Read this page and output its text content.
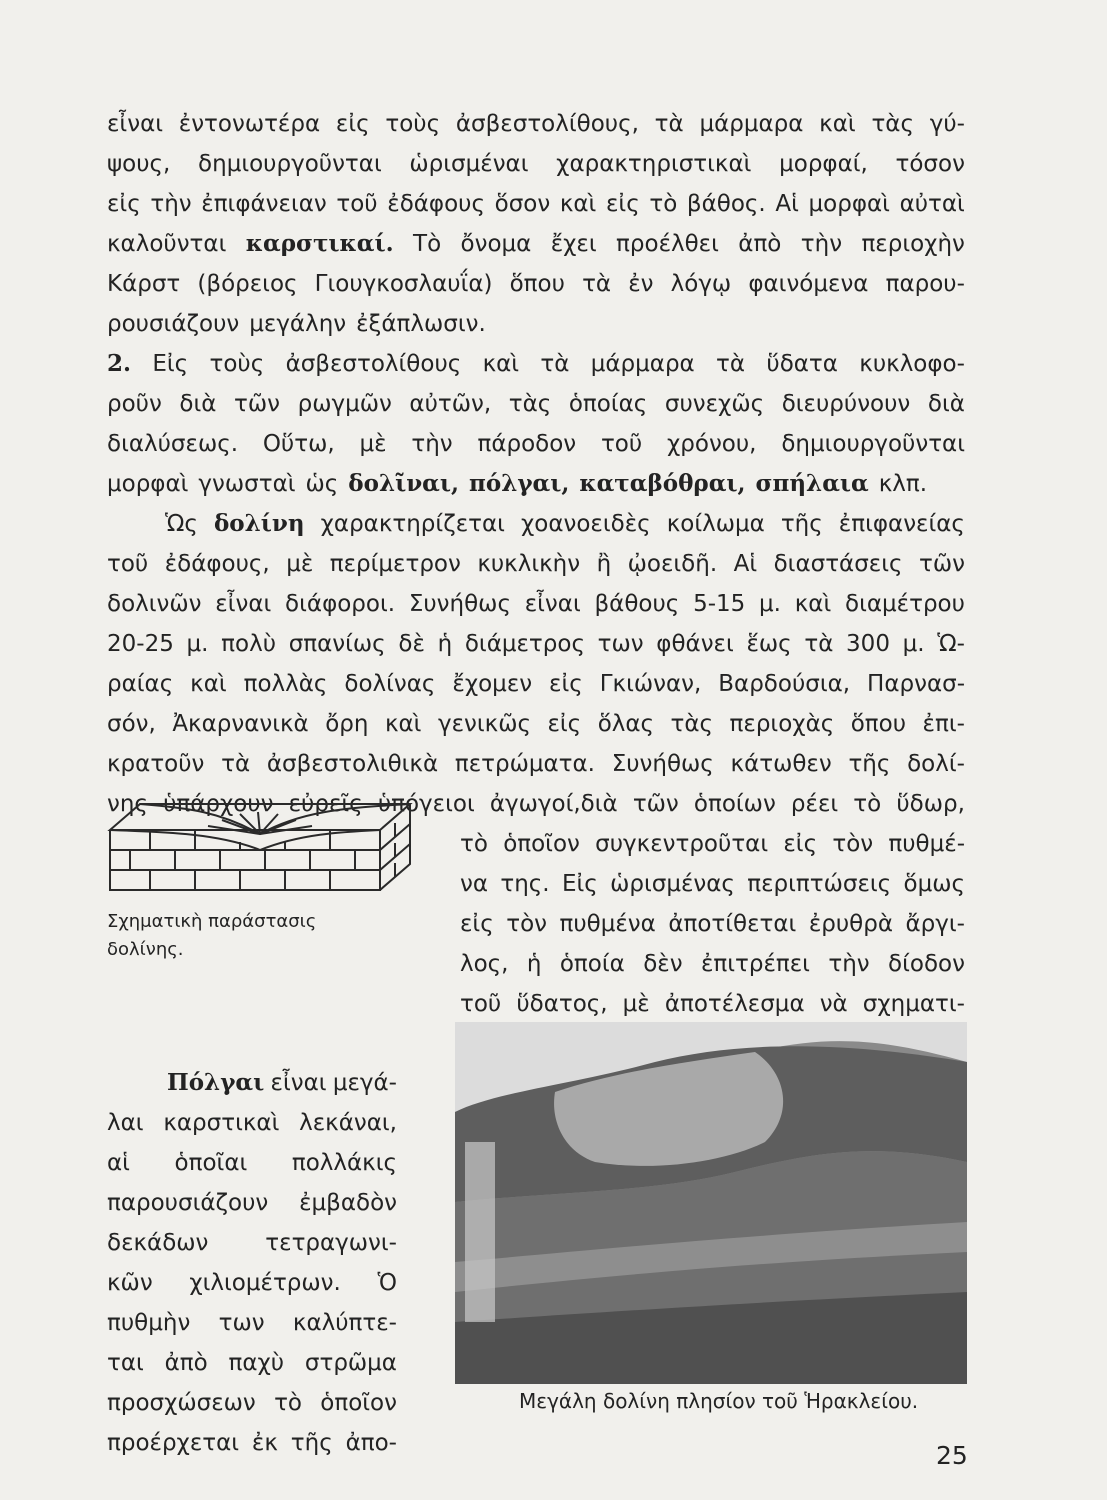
εἶναι ἐντονωτέρα εἰς τοὺς ἀσβεστολίθους, τὰ μάρμαρα καὶ τὰς γύ-
ψους, δημιουργοῦνται ὡρισμέναι χαρακτηριστικαὶ μορφαί, τόσον
εἰς τὴν ἐπιφάνειαν τοῦ ἐδάφους ὅσον καὶ εἰς τὸ βάθος. Αἱ μορφαὶ αὐταὶ
καλοῦνται καρστικαί. Τὸ ὄνομα ἔχει προέλθει ἀπὸ τὴν περιοχὴν
Κάρστ (βόρειος Γιουγκοσλαυΐα) ὅπου τὰ ἐν λόγῳ φαινόμενα παρου-
ρουσιάζουν μεγάλην ἐξάπλωσιν.
2. Εἰς τοὺς ἀσβεστολίθους καὶ τὰ μάρμαρα τὰ ὕδατα κυκλοφο-
ροῦν διὰ τῶν ρωγμῶν αὐτῶν, τὰς ὁποίας συνεχῶς διευρύνουν διὰ
διαλύσεως. Οὕτω, μὲ τὴν πάροδον τοῦ χρόνου, δημιουργοῦνται
μορφαὶ γνωσταὶ ὡς δολῖναι, πόλγαι, καταβόθραι, σπήλαια κλπ.
Ὡς δολίνη χαρακτηρίζεται χοανοειδὲς κοίλωμα τῆς ἐπιφανείας
τοῦ ἐδάφους, μὲ περίμετρον κυκλικὴν ἢ ᾠοειδῆ. Αἱ διαστάσεις τῶν
δολινῶν εἶναι διάφοροι. Συνήθως εἶναι βάθους 5-15 μ. καὶ διαμέτρου
20-25 μ. πολὺ σπανίως δὲ ἡ διάμετρος των φθάνει ἕως τὰ 300 μ. Ὡ-
ραίας καὶ πολλὰς δολίνας ἔχομεν εἰς Γκιώναν, Βαρδούσια, Παρνασ-
σόν, Ἀκαρνανικὰ ὄρη καὶ γενικῶς εἰς ὅλας τὰς περιοχὰς ὅπου ἐπι-
κρατοῦν τὰ ἀσβεστολιθικὰ πετρώματα. Συνήθως κάτωθεν τῆς δολί-
νης ὑπάρχουν εὐρεῖς ὑπόγειοι ἀγωγοί,διὰ τῶν ὁποίων ρέει τὸ ὕδωρ,
τὸ ὁποῖον συγκεντροῦται εἰς τὸν πυθμέ-
να της. Εἰς ὡρισμένας περιπτώσεις ὅμως
εἰς τὸν πυθμένα ἀποτίθεται ἐρυθρὰ ἄργι-
λος, ἡ ὁποία δὲν ἐπιτρέπει τὴν δίοδον
τοῦ ὕδατος, μὲ ἀποτέλεσμα νὰ σχηματι-
Πόλγαι εἶναι μεγά-
λαι καρστικαὶ λεκάναι,
αἱ ὁποῖαι πολλάκις
παρουσιάζουν ἐμβαδὸν
δεκάδων τετραγωνι-
κῶν χιλιομέτρων. Ὁ
πυθμὴν των καλύπτε-
ται ἀπὸ παχὺ στρῶμα
προσχώσεων τὸ ὁποῖον
προέρχεται ἐκ τῆς ἀπο-
Σχηματικὴ παράστασις
δολίνης.
Μεγάλη δολίνη πλησίον τοῦ Ἡρακλείου.
25
